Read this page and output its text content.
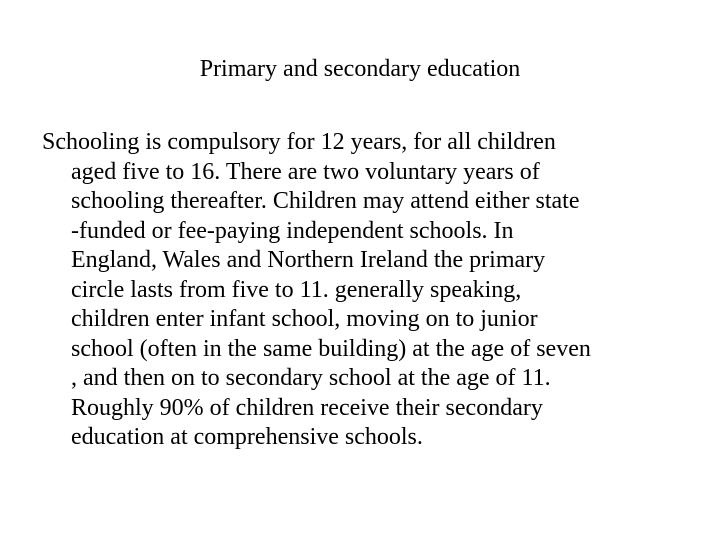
Primary and secondary education
Schooling is compulsory for 12 years, for all children
aged five to 16. There are two voluntary years of
schooling thereafter. Children may attend either state
-funded or fee-paying independent schools. In
England, Wales and Northern Ireland the primary
circle lasts from five to 11. generally speaking,
children enter infant school, moving on to junior
school (often in the same building) at the age of seven
, and then on to secondary school at the age of 11.
Roughly 90% of children receive their secondary
education at comprehensive schools.
